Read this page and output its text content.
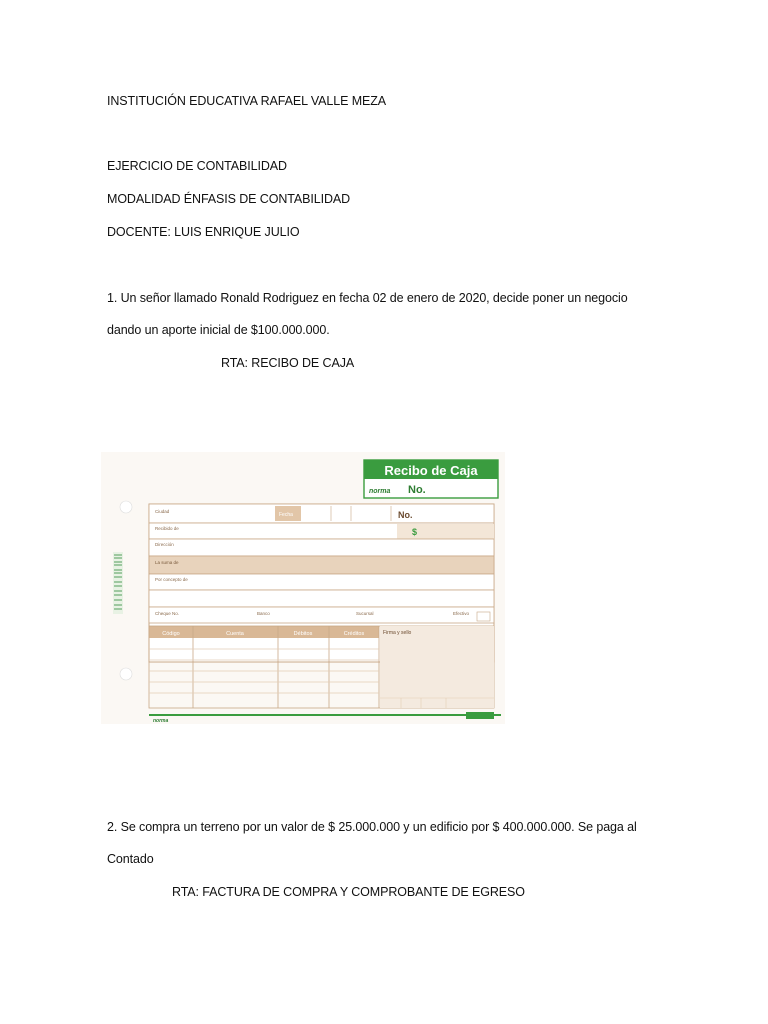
INSTITUCIÓN EDUCATIVA RAFAEL VALLE MEZA
EJERCICIO DE CONTABILIDAD
MODALIDAD ÉNFASIS DE CONTABILIDAD
DOCENTE: LUIS ENRIQUE JULIO
1. Un señor llamado Ronald Rodriguez en fecha 02 de enero de 2020, decide poner un negocio
dando un aporte inicial de $100.000.000.
RTA: RECIBO DE CAJA
Recibo de Caja
norma No.
Ciudad
Fecha	No.
Recibido de	$
Dirección
La suma de
Por concepto de
Cheque No.	Banco	Sucursal	Efectivo
Código	Cuenta	Débitos	Créditos	Firma y sello
norma
2. Se compra un terreno por un valor de $ 25.000.000 y un edificio por $ 400.000.000. Se paga al
Contado
RTA: FACTURA DE COMPRA Y COMPROBANTE DE EGRESO
